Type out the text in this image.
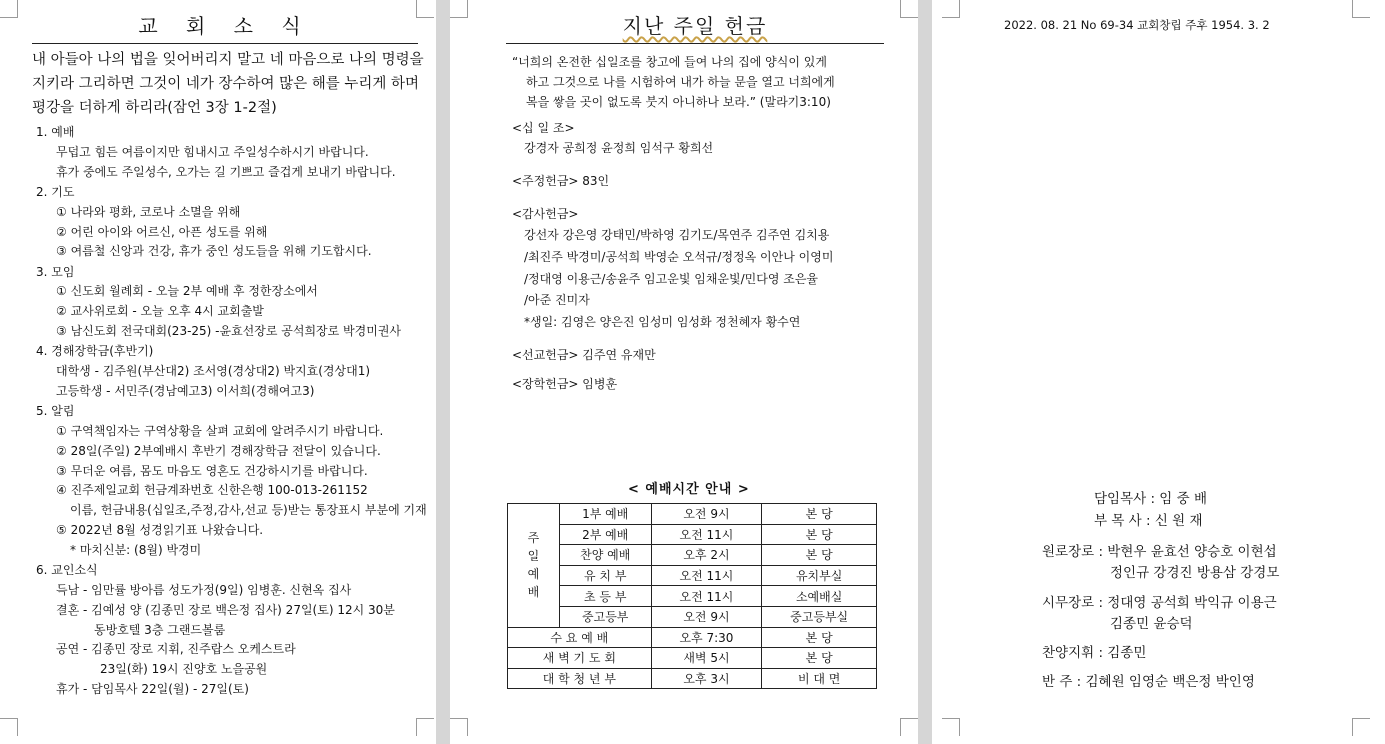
교 회 소 식
내 아들아 나의 법을 잊어버리지 말고 네 마음으로 나의 명령을 지키라 그리하면 그것이 네가 장수하여 많은 해를 누리게 하며 평강을 더하게 하리라(잠언 3장 1-2절)
1. 예배
무덥고 힘든 여름이지만 힘내시고 주일성수하시기 바랍니다.
휴가 중에도 주일성수, 오가는 길 기쁘고 즐겁게 보내기 바랍니다.
2. 기도
① 나라와 평화, 코로나 소멸을 위해
② 어린 아이와 어르신, 아픈 성도를 위해
③ 여름철 신앙과 건강, 휴가 중인 성도들을 위해 기도합시다.
3. 모임
① 신도회 월례회 - 오늘 2부 예배 후 정한장소에서
② 교사위로회 - 오늘 오후 4시 교회출발
③ 남신도회 전국대회(23-25) -윤효선장로 공석희장로 박경미권사
4. 경해장학금(후반기)
대학생 - 김주원(부산대2) 조서영(경상대2) 박지효(경상대1)
고등학생 - 서민주(경남예고3) 이서희(경해여고3)
5. 알림
① 구역책임자는 구역상황을 살펴 교회에 알려주시기 바랍니다.
② 28일(주일) 2부예배시 후반기 경해장학금 전달이 있습니다.
③ 무더운 여름, 몸도 마음도 영혼도 건강하시기를 바랍니다.
④ 진주제일교회 헌금계좌번호 신한은행 100-013-261152
이름, 헌금내용(십일조,주정,감사,선교 등)받는 통장표시 부분에 기재
⑤ 2022년 8월 성경읽기표 나왔습니다.
* 마치신분: (8월) 박경미
6. 교인소식
득남 - 임만률 방아름 성도가정(9일) 임병훈. 신현옥 집사
결혼 - 김예성 양 (김종민 장로 백은정 집사) 27일(토) 12시 30분
동방호텔 3층 그랜드볼룸
공연 - 김종민 장로 지휘, 진주랍스 오케스트라
23일(화) 19시 진양호 노을공원
휴가 - 담임목사 22일(월) - 27일(토)
지난 주일 헌금
“너희의 온전한 십일조를 창고에 들여 나의 집에 양식이 있게
하고 그것으로 나를 시험하여 내가 하늘 문을 열고 너희에게
복을 쌓을 곳이 없도록 붓지 아니하나 보라.” (말라기3:10)
<십 일 조>
강경자 공희정 윤정희 임석구 황희선
<주정헌금> 83인
<감사헌금>
강선자 강은영 강태민/박하영 김기도/목연주 김주연 김치용
/최진주 박경미/공석희 박영순 오석규/정정옥 이안나 이영미
/정대영 이용근/송윤주 임고운빛 임채운빛/민다영 조은율
/아준 진미자
*생일: 김영은 양은진 임성미 임성화 정천혜자 황수연
<선교헌금> 김주연 유재만
<장학헌금> 임병훈
< 예배시간 안내 >
주
일
예
배	1부 예배	오전 9시	본 당
	2부 예배	오전 11시	본 당
	찬양 예배	오후 2시	본 당
	유 치 부	오전 11시	유치부실
	초 등 부	오전 11시	소예배실
	중고등부	오전 9시	중고등부실
수 요 예 배		오후 7:30	본 당
새 벽 기 도 회		새벽 5시	본 당
대 학 청 년 부		오후 3시	비 대 면
2022. 08. 21 No 69-34 교회창립 주후 1954. 3. 2
담임목사 : 임 중 배
부 목 사 : 신 원 재
원로장로 : 박현우 윤효선 양승호 이현섭
정인규 강경진 방용삼 강경모
시무장로 : 정대영 공석희 박익규 이용근
김종민 윤승덕
찬양지휘 : 김종민
반 주 : 김혜원 임영순 백은정 박인영
